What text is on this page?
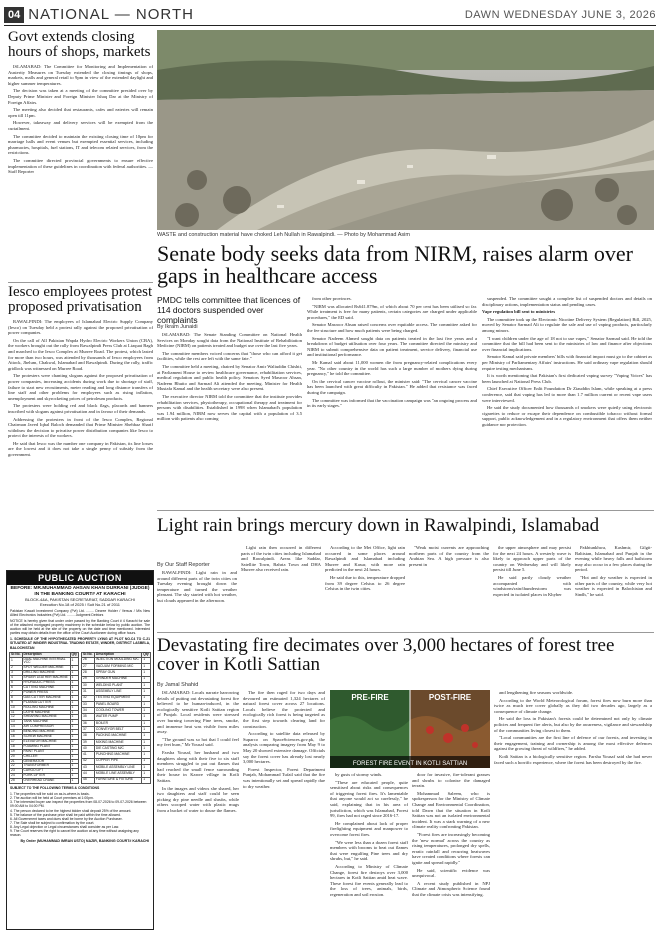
04 NATIONAL — NORTH	DAWN WEDNESDAY JUNE 3, 2026
Govt extends closing hours of shops, markets

ISLAMABAD: The Committee for Monitoring and Implementation of Austerity Measures on Tuesday extended the closing timings of shops, markets, malls and general retail to 9pm in view of the extended daylight and higher summer temperatures.

The decision was taken at a meeting of the committee presided over by Deputy Prime Minister and Foreign Minister Ishaq Dar at the Ministry of Foreign Affairs.

The meeting also decided that restaurants, cafes and eateries will remain open till 11pm.

However, takeaway and delivery services will be exempted from the curtailment.

The committee decided to maintain the existing closing time of 10pm for marriage halls and event venues but exempted essential services, including pharmacies, hospitals, fuel stations, IT and telecom related services, from the restrictions.

The committee directed provincial governments to ensure effective implementation of these guidelines in coordination with federal authorities. — Staff Reporter

Iesco employees protest proposed privatisation

RAWALPINDI: The employees of Islamabad Electric Supply Company (Iesco) on Tuesday held a protest rally against the proposed privatisation of power companies.

On the call of All Pakistan Wapda Hydro Electric Workers Union (CBA), the workers brought out the rally from Rawalpindi Press Club at Liaquat Bagh and marched to the Iesco Complex at Murree Road. The protest, which lasted for more than two hours, was attended by thousands of Iesco employees from Attock, Jhelum, Chakwal, Islamabad and Rawalpindi. During the rally, traffic gridlock was witnessed on Murree Road.

The protesters were chanting slogans against the proposed privatisation of power companies, increasing accidents during work due to shortage of staff, failure to start new recruitments, meter reading and long distance transfers of line staff and other problems for employees such as rising inflation, unemployment and skyrocketing prices of petroleum products.

The protesters were holding red and black flags, placards and banners inscribed with slogans against privatisation and in favour of their demands.

Addressing the protesters in front of the Iesco Complex, Regional Chairman Javed Iqbal Baloch demanded that Prime Minister Shehbaz Sharif withdraw the decision to privatise power distribution companies like Iesco to protect the interests of the workers.

He said that Iesco was the number one company in Pakistan, its line losses are the lowest and it does not take a single penny of subsidy from the government.

WASTE and construction material have choked Leh Nullah in Rawalpindi. — Photo by Mohammad Asim
Senate body seeks data from NIRM, raises alarm over gaps in healthcare access
PMDC tells committee that licences of 114 doctors suspended over complaints
By Ikram Junaidi

ISLAMABAD: The Senate Standing Committee on National Health Services on Monday sought data from the National Institute of Rehabilitation Medicine (NIRM) on patients treated and budget use over the last five years.

The committee members voiced concerns that "those who can afford it get facilities, while the rest are left with the same fate."

The committee held a meeting, chaired by Senator Amir Waliuddin Chishti, at Parliament House to review healthcare governance, rehabilitation services, medical regulation and public health policy. Senators Syed Masroor Ahsan, Nadeem Bhutto and Sarmad Ali attended the meeting. Minister for Health Mustafa Kamal and the health secretary were also present.

The executive director NIRM told the committee that the institute provides rehabilitation services, physiotherapy, occupational therapy and treatment for persons with disabilities. Established in 1998 when Islamabad's population was 1.94 million, NIRM now serves the capital with a population of 3.5 million with patients also coming

from other provinces.

"NIRM was allocated Rs641.879m, of which about 70 per cent has been utilised so far. While treatment is free for many patients, certain categories are charged under applicable procedures," the ED said.

Senator Masroor Ahsan raised concerns over equitable access. The committee asked for the fee structure and how much patients were being charged.

Senator Nadeem Ahmed sought data on patients treated in the last five years and a breakdown of budget utilisation over four years. The committee directed the ministry and NIRM to submit comprehensive data on patient treatment, service delivery, financial use and institutional performance.

Mr Kamal said about 11,000 women die from pregnancy-related complications every year. "No other country in the world has such a large number of mothers dying during pregnancy," he told the committee.

On the cervical cancer vaccine rollout, the minister said: "The cervical cancer vaccine has been launched with great difficulty in Pakistan." He added that resistance was faced during the campaign.

The committee was informed that the vaccination campaign was "an ongoing process and in its early stages."

suspended. The committee sought a complete list of suspended doctors and details on disciplinary actions, implementation status and pending cases.

Vape regulation bill sent to ministries

The committee took up the Electronic Nicotine Delivery System (Regulation) Bill, 2025, moved by Senator Sarmad Ali to regulate the sale and use of vaping products, particularly among minors.

"I want children under the age of 18 not to use vapes," Senator Sarmad said. He told the committee that the bill had been sent to the ministries of law and finance after objections over financial implications.

Senator Kamal said private members' bills with financial impact must go to the cabinet as per Ministry of Parliamentary Affairs' instructions. He said ordinary vape regulation should require testing mechanisms.

It is worth mentioning that Pakistan's first dedicated vaping survey "Vaping Voices" has been launched at National Press Club.

Chief Executive Officer Enlit Foundation Dr Ziauddin Islam, while speaking at a press conference, said that vaping has led to more than 1.7 million current or recent vape users were interviewed.

He said the study documented how thousands of smokers were quietly using electronic cigarettes to reduce or escape their dependence on combustible tobacco without formal support, public acknowledgement and in a regulatory environment that offers them neither guidance nor protection.

PUBLIC AUCTION
BEFORE: MR.MUHAMMAD AHSAN KHAN DURRANI (JUDGE) IN THE BANKING COURT# AT KARACHI
BLOCK-4&A, PAKISTAN SECRETARIAT, SADDAR KARACHI
Execution No.18 of 2025 / Suit No.21 of 2011
Pakistan Kuwait Investment Company (Pvt) Ltd. ........ Decree Holder / Versus / M/s New Allied Electronics Industries (Pvt) Ltd. ........ Judgment Debtors
NOTICE is hereby given that under order passed by the Banking Court # 4 Karachi for sale of the attached mortgaged property machinery in the schedule below by public auction. The auction will be held at the site of the property on the date and time mentioned. Interested parties may obtain details from the office of the Court Auctioneer during office hours.
1. SCHEDULE OF THE HYPOTHECATED PROPERTY LYING AT PLOT NO.C4 TO C-21 SITUATED AT WINDER INDUSTRIAL TRADING ESTATE, WINDER, DISTRICT LASBELA, BALOCHISTAN
Sr.No.	Description	Qty
1	DUAL MACHINE INTERNAL VCC	1
2	SPOT WELDER MACHINE	1
3	DRILLING MACHINE	1
4	SPIDER LEATHER MACHINE	1
5	HYDRAULIC PRESS	1
6	CUTTING MACHINE	1
7	POWER PRESS	1
8	GAS CUTTER MACHINE	1
9	PLASMA CUTTER	1
10	ROLLING MACHINE	1
11	LATHE MACHINE	1
12	SHEARING MACHINE	1
13	TANK MACHINE	1
14	AIR COMPRESSOR	1
15	BENDING MACHINE	1
16	SCREW MACHINE	1
17	ELEVATOR MACHINE	1
18	FOAMING PLANT	1
19	PAINT PLANT	1
20	CHILLER	1
21	GENERATOR	1
22	TRANSFORMER	1
23	CARGO LIFT	1
24	FORK LIFTER	1
25	OVERHEAD CRANE	1
Sr.No.	Description	Qty
26	INJECTION MOULDING M/C	1
27	VACUUM FORMING M/C	1
28	SPRAY GUN	1
29	GRINDER MACHINE	1
30	WELDING PLANT	1
31	ASSEMBLY LINE	1
32	TESTING EQUIPMENT	1
33	PANEL BOARD	1
34	COOLING TOWER	1
35	WATER PUMP	1
36	BOILER	1
37	CONVEYOR BELT	1
38	PACKING MACHINE	1
39	MIXING MACHINE	1
40	DIE CASTING M/C	1
41	PUNCHING MACHINE	1
42	COPPER PIPE	1
43	MOBILE ASSEMBLY LINE	1
44	MOBILE LINE ASSEMBLY	1
45	FURNITURE & FIXTURE	1
SUBJECT TO THE FOLLOWING TERMS & CONDITIONS
1. The properties will be sold on as-is-where-is basis.
2. The auction will be held at Court premises at 1:00pm.
3. The interested buyer can inspect the properties from 08-07-2026 to 09-07-2026 between 09:00 AM to 04:00 PM.
4. The person declared to be the highest bidder shall deposit 25% of the amount.
5. The balance of the purchase price shall be paid within the time allowed.
6. All Government taxes and dues shall be borne by the Auction Purchaser.
7. The Sale shall be subject to confirmation by the court.
8. Any Legal objection or Legal circumstances shall consider as per Law.
9. The Court reserves the right to cancel the auction at any time without assigning any reason.
By Order (MUHAMMAD IMRAN USTO) NAZIR, BANKING COURT# KARACHI
Light rain brings mercury down in Rawalpindi, Islamabad
By Our Staff Reporter

RAWALPINDI: Light rain in and around different parts of the twin cities on Tuesday evening brought down the temperature and turned the weather pleasant. The sky started with hot weather, but clouds appeared in the afternoon.

Light rain then occurred in different parts of the twin cities including Islamabad and Rawalpindi. Areas like Saddar, Satellite Town, Bahria Town and DHA Murree also received rain.

According to the Met Office, light rain occurred in some places around Rawalpindi and Islamabad including Murree and Kasur, with more rain predicted in the next 24 hours.

He said due to this, temperature dropped from 39 degree Celsius to 26 degree Celsius in the twin cities.

"Weak moist currents are approaching northern parts of the country from the Arabian Sea. A high pressure is also present in

the upper atmosphere and may persist for the next 24 hours. A westerly wave is likely to approach upper parts of the country on Wednesday and will likely persist till June 5.

He said partly cloudy weather accompanied with windstorm/rain/thunderstorm was expected in isolated places in Khyber

Pakhtunkhwa, Kashmir, Gilgit-Baltistan, Islamabad and Punjab in the evening while heavy falls and hailstorm may also occur in a few places during the period.

"Hot and dry weather is expected in other parts of the country, while very hot weather is expected in Balochistan and Sindh," he said.

Devastating fire decimates over 3,000 hectares of forest tree cover in Kotli Sattian
By Jamal Shahid

ISLAMABAD: Locals narrate harrowing details of putting out devastating forest fire believed to be human-induced, in the ecologically sensitive Kotli Sattian region of Punjab. Local residents were stressed over burning towering Pine trees, smoke, and immense heat was visible from miles away.

"The ground was so hot that I could feel my feet burn," Mr Yousaf said.

Farsha Yousaf, her husband and two daughters along with their five to six staff members struggled to put out flames that had reached the small fence surrounding their house in Karore village in Kotli Sattian.

In the images and videos she shared, her two daughters and staff could be seen picking dry pine needle and shrubs, while others scooped water with plastic mugs from a bucket of water to douse the flames.

The fire then raged for two days and devoured an estimated 1,324 hectares of natural forest cover across 27 locations. Locals believe the protected and ecologically rich forest is being targeted as the first step towards clearing land for construction.

According to satellite data released by Suparco on SpaceSciences.gov.pk, the analysis comparing imagery from May 9 to May 20 showed extensive damage. Officials say the forest cover has already lost nearly 3,000 hectares.

Forest Inspector, Forest Department Punjab, Mohammad Tufail said that the fire was intentionally set and spread rapidly due to dry weather.

PRE-FIRE	POST-FIRE
FOREST FIRE EVENT IN KOTLI SATTIAN

by gusts of stormy winds.

"These are educated people, quite sensitised about risks and consequences of triggering forest fires. It's lamentable that anyone would act so carelessly," he said, explaining that in his area of jurisdiction, which was Islamabad, Forest 99, fires had not raged since 2016-17.

He complained about lack of proper firefighting equipment and manpower to overcome forest fires.

"We were less than a dozen forest staff members with brooms to beat out flames that were engulfing Pine trees and dry shrubs, but," he said.

According to Ministry of Climate Change, forest fire destroys over 3,000 hectares in Kotli Sattian amid heat wave. These forest fire events generally lead to the loss of trees, animals, birds, regeneration and soil erosion.

door for invasive, fire-tolerant grasses and shrubs to colonise the damaged terrain.

Mohammad Saleem, who is spokesperson for the Ministry of Climate Change and Environmental Coordination, told Dawn that the situation in Kotli Sattian was not an isolated environmental incident. It was a stark warning of a new climate reality confronting Pakistan.

"Forest fires are increasingly becoming the 'new normal' across the country as rising temperatures, prolonged dry spells, erratic rainfall and recurring heatwaves have created conditions where forests can ignite and spread rapidly."

He said, scientific evidence was unequivocal.

A recent study published in NPJ Climate and Atmospheric Science found that the climate crisis was intensifying.

and lengthening fire seasons worldwide.

According to the World Meteorological forum, forest fires now burn more than twice as much tree cover globally as they did two decades ago, largely as a consequence of climate change.

He said the loss in Pakistan's forests could be determined not only by climate policies and frequent fire alerts, but also by the awareness, vigilance and stewardship of the communities living closest to them.

"Local communities are the first line of defence of our forests, and investing in their engagement, training and ownership is among the most effective defences against the growing threat of wildfires," he added.

Kotli Sattian is a biologically sensitive region. Farsha Yousaf said she had never faced such a horrific experience, where the forest has been destroyed by the fire.
